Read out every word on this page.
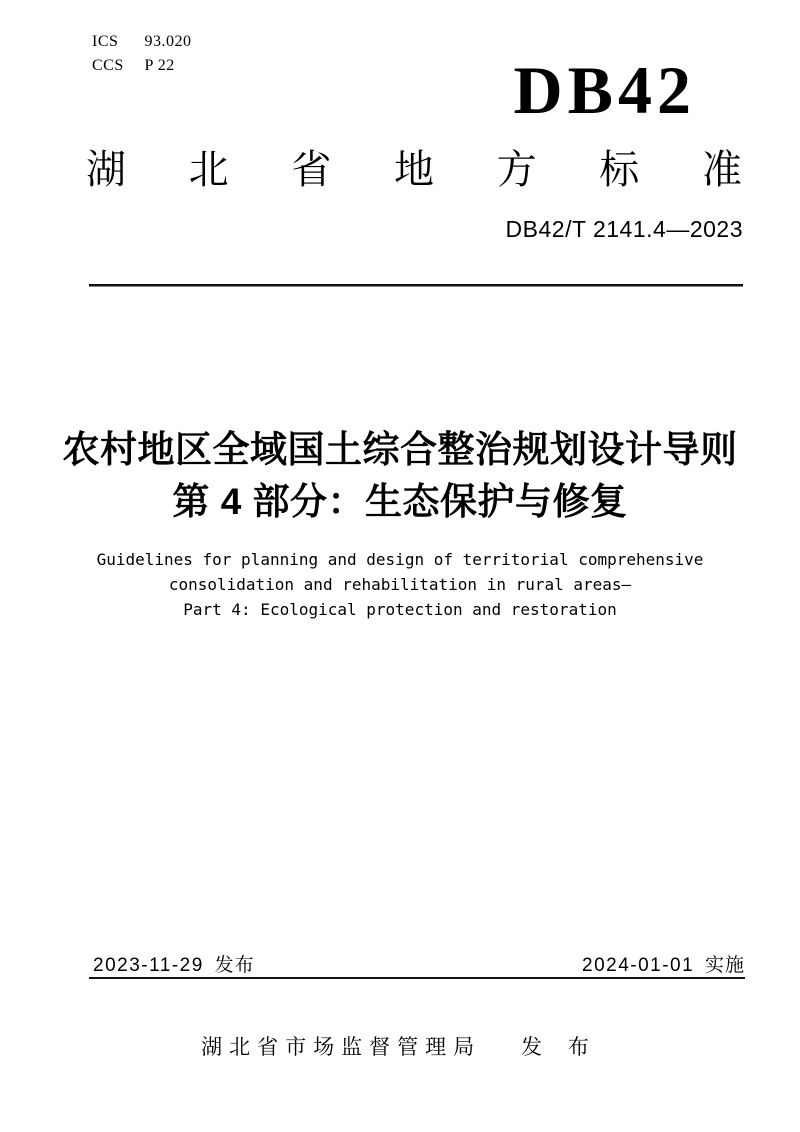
ICS 93.020
CCS P 22	DB42
湖 北 省 地 方 标 准
DB42/T 2141.4—2023
农村地区全域国土综合整治规划设计导则
第 4 部分：生态保护与修复
Guidelines for planning and design of territorial comprehensive
consolidation and rehabilitation in rural areas—
Part 4: Ecological protection and restoration
2023-11-29 发布	2024-01-01 实施
湖北省市场监督管理局 发 布
